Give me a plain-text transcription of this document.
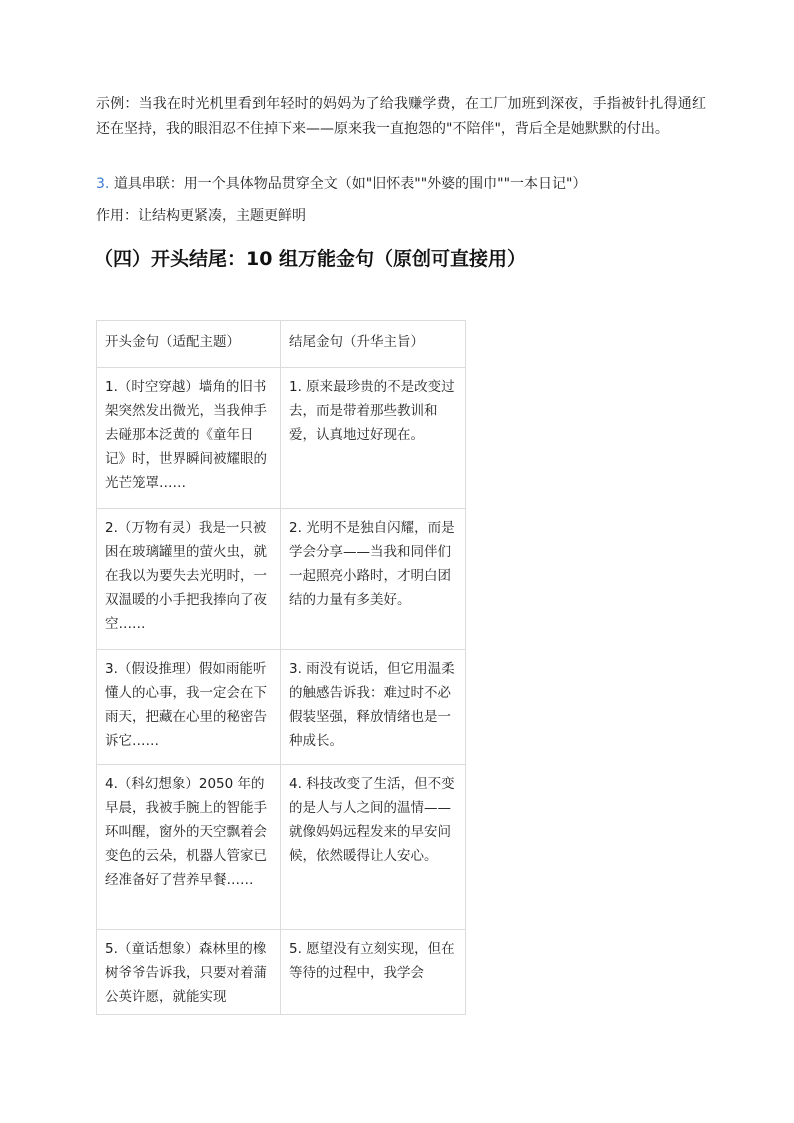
示例：当我在时光机里看到年轻时的妈妈为了给我赚学费，在工厂加班到深夜，手指被针扎得通红还在坚持，我的眼泪忍不住掉下来——原来我一直抱怨的"不陪伴"，背后全是她默默的付出。

3. 道具串联：用一个具体物品贯穿全文（如"旧怀表""外婆的围巾""一本日记"）

作用：让结构更紧凑，主题更鲜明

（四）开头结尾：10 组万能金句（原创可直接用）
开头金句（适配主题）	结尾金句（升华主旨）
1.（时空穿越）墙角的旧书架突然发出微光，当我伸手去碰那本泛黄的《童年日记》时，世界瞬间被耀眼的光芒笼罩……	1. 原来最珍贵的不是改变过去，而是带着那些教训和爱，认真地过好现在。
2.（万物有灵）我是一只被困在玻璃罐里的萤火虫，就在我以为要失去光明时，一双温暖的小手把我捧向了夜空……	2. 光明不是独自闪耀，而是学会分享——当我和同伴们一起照亮小路时，才明白团结的力量有多美好。
3.（假设推理）假如雨能听懂人的心事，我一定会在下雨天，把藏在心里的秘密告诉它……	3. 雨没有说话，但它用温柔的触感告诉我：难过时不必假装坚强，释放情绪也是一种成长。
4.（科幻想象）2050 年的早晨，我被手腕上的智能手环叫醒，窗外的天空飘着会变色的云朵，机器人管家已经准备好了营养早餐……	4. 科技改变了生活，但不变的是人与人之间的温情——就像妈妈远程发来的早安问候，依然暖得让人安心。

5.（童话想象）森林里的橡树爷爷告诉我，只要对着蒲公英许愿，就能实现	5. 愿望没有立刻实现，但在等待的过程中，我学会
